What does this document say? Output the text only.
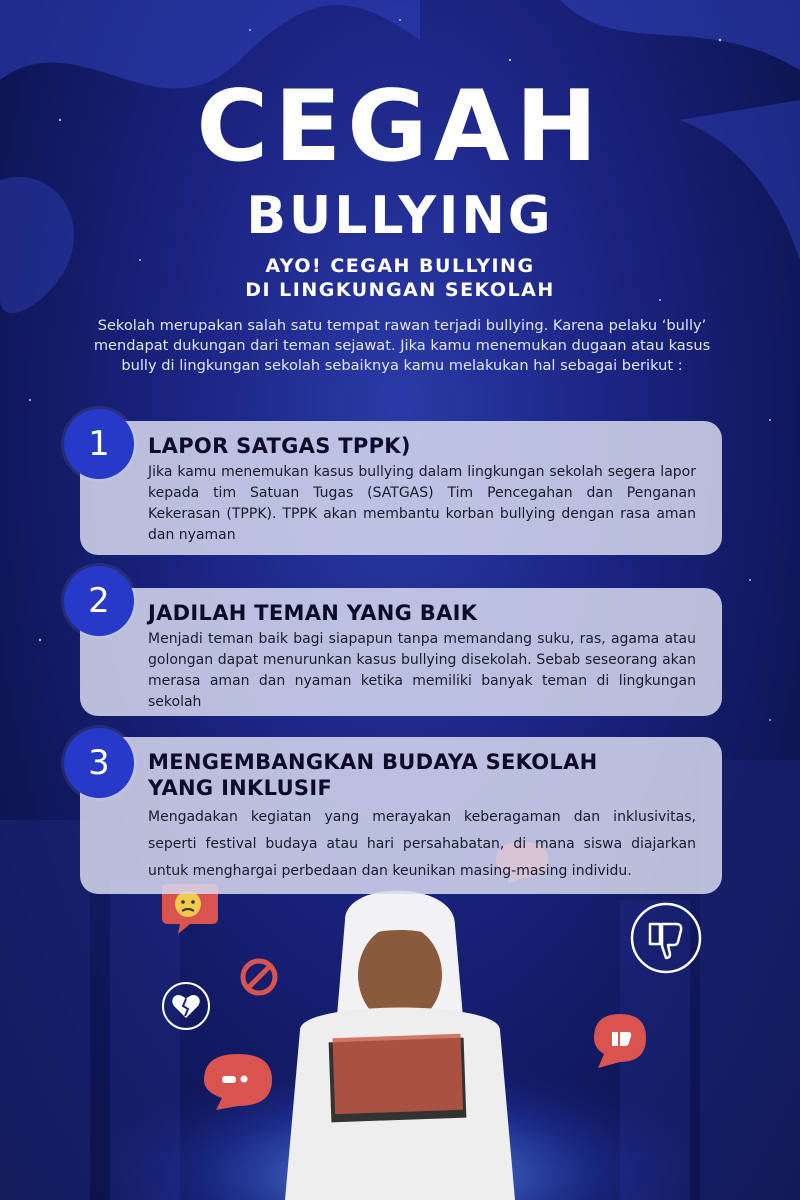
CEGAH
BULLYING
AYO! CEGAH BULLYING
DI LINGKUNGAN SEKOLAH
Sekolah merupakan salah satu tempat rawan terjadi bullying. Karena pelaku ‘bully’ mendapat dukungan dari teman sejawat. Jika kamu menemukan dugaan atau kasus bully di lingkungan sekolah sebaiknya kamu melakukan hal sebagai berikut :
LAPOR SATGAS TPPK)

Jika kamu menemukan kasus bullying dalam lingkungan sekolah segera lapor kepada tim Satuan Tugas (SATGAS) Tim Pencegahan dan Penganan Kekerasan (TPPK). TPPK akan membantu korban bullying dengan rasa aman dan nyaman

1
JADILAH TEMAN YANG BAIK

Menjadi teman baik bagi siapapun tanpa memandang suku, ras, agama atau golongan dapat menurunkan kasus bullying disekolah. Sebab seseorang akan merasa aman dan nyaman ketika memiliki banyak teman di lingkungan sekolah

2
MENGEMBANGKAN BUDAYA SEKOLAH YANG INKLUSIF

Mengadakan kegiatan yang merayakan keberagaman dan inklusivitas, seperti festival budaya atau hari persahabatan, di mana siswa diajarkan untuk menghargai perbedaan dan keunikan masing-masing individu.

3
